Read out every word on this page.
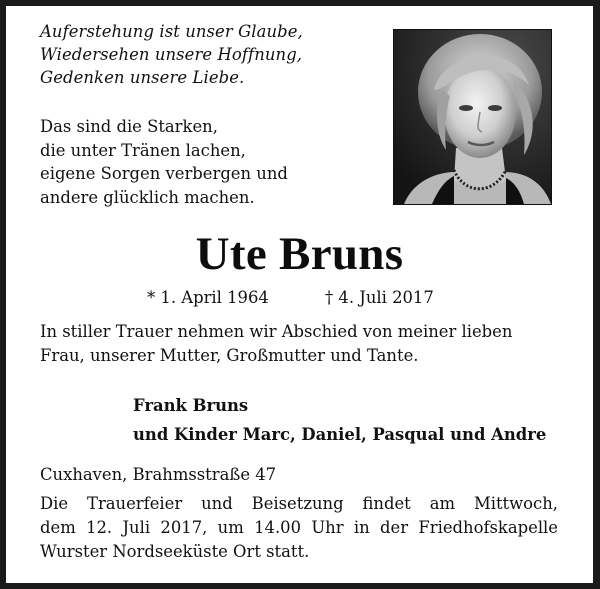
Auferstehung ist unser Glaube,
Wiedersehen unsere Hoffnung,
Gedenken unsere Liebe.
Das sind die Starken,
die unter Tränen lachen,
eigene Sorgen verbergen und
andere glücklich machen.
Ute Bruns
* 1. April 1964	† 4. Juli 2017
In stiller Trauer nehmen wir Abschied von meiner lieben
Frau, unserer Mutter, Großmutter und Tante.
Frank Bruns
und Kinder Marc, Daniel, Pasqual und Andre
Cuxhaven, Brahmsstraße 47
Die Trauerfeier und Beisetzung findet am Mittwoch,
dem 12. Juli 2017, um 14.00 Uhr in der Friedhofskapelle
Wurster Nordseeküste Ort statt.
